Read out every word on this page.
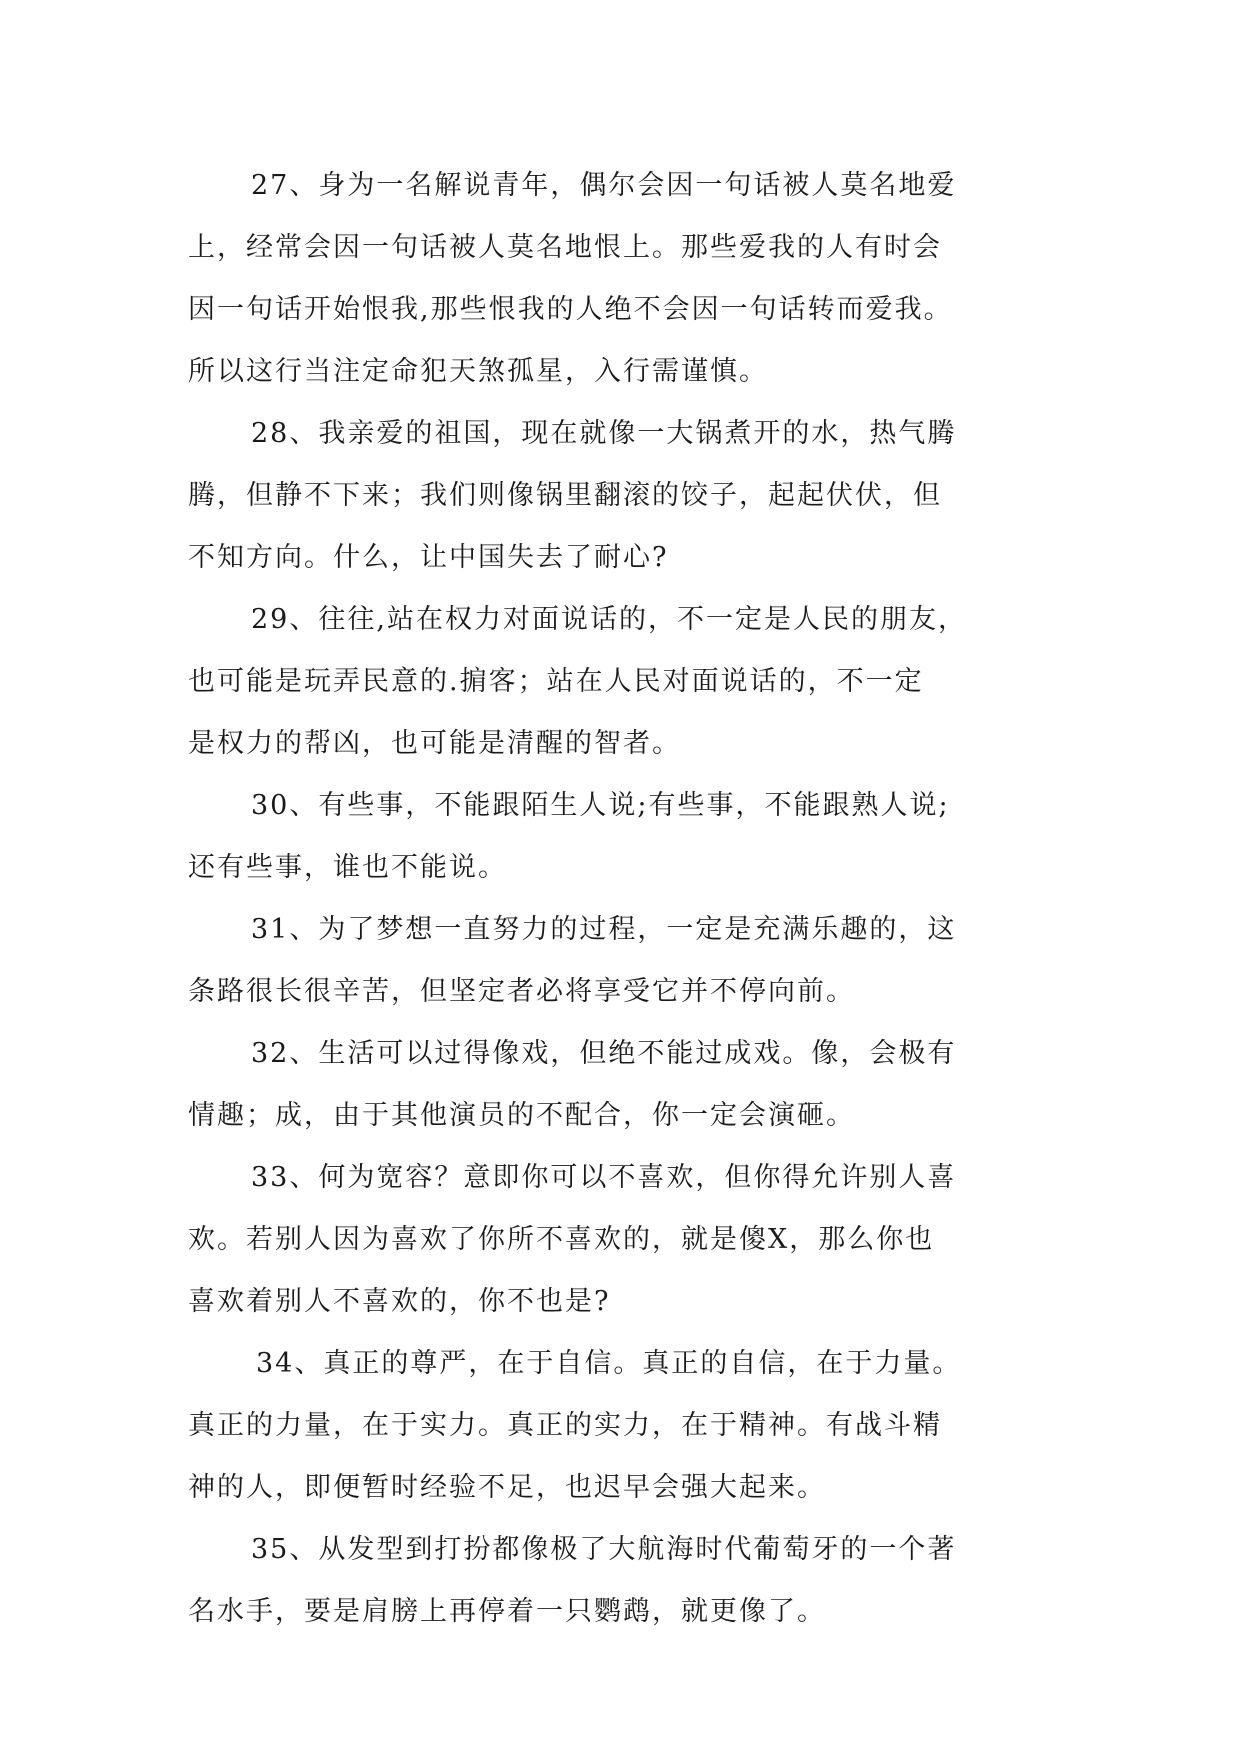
27、身为一名解说青年，偶尔会因一句话被人莫名地爱
上，经常会因一句话被人莫名地恨上。那些爱我的人有时会
因一句话开始恨我,那些恨我的人绝不会因一句话转而爱我。
所以这行当注定命犯天煞孤星，入行需谨慎。
28、我亲爱的祖国，现在就像一大锅煮开的水，热气腾
腾，但静不下来；我们则像锅里翻滚的饺子，起起伏伏，但
不知方向。什么，让中国失去了耐心?
29、往往,站在权力对面说话的，不一定是人民的朋友，
也可能是玩弄民意的.掮客；站在人民对面说话的，不一定
是权力的帮凶，也可能是清醒的智者。
30、有些事，不能跟陌生人说;有些事，不能跟熟人说;
还有些事，谁也不能说。
31、为了梦想一直努力的过程，一定是充满乐趣的，这
条路很长很辛苦，但坚定者必将享受它并不停向前。
32、生活可以过得像戏，但绝不能过成戏。像，会极有
情趣；成，由于其他演员的不配合，你一定会演砸。
33、何为宽容？意即你可以不喜欢，但你得允许别人喜
欢。若别人因为喜欢了你所不喜欢的，就是傻X，那么你也
喜欢着别人不喜欢的，你不也是?
34、真正的尊严，在于自信。真正的自信，在于力量。
真正的力量，在于实力。真正的实力，在于精神。有战斗精
神的人，即便暂时经验不足，也迟早会强大起来。
35、从发型到打扮都像极了大航海时代葡萄牙的一个著
名水手，要是肩膀上再停着一只鹦鹉，就更像了。
